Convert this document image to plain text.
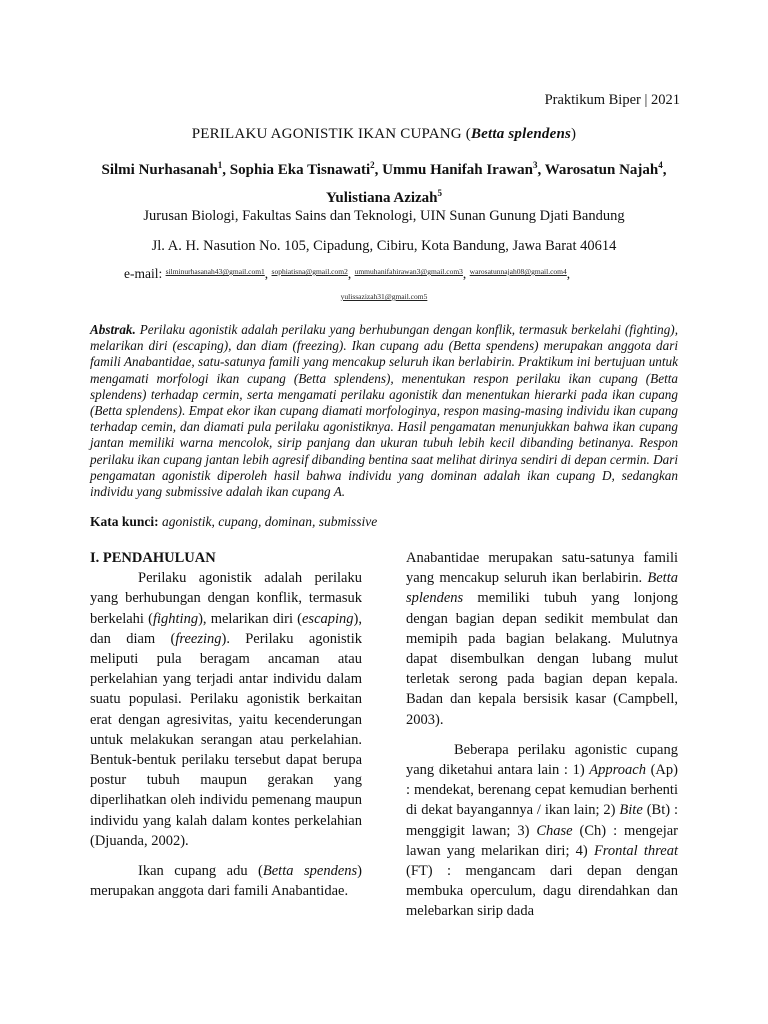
Praktikum Biper | 2021
PERILAKU AGONISTIK IKAN CUPANG (Betta splendens)
Silmi Nurhasanah$^1$, Sophia Eka Tisnawati$^2$, Ummu Hanifah Irawan$^3$, Warosatun Najah$^4$, Yulistiana Azizah$^5$
Jurusan Biologi, Fakultas Sains dan Teknologi, UIN Sunan Gunung Djati Bandung
Jl. A. H. Nasution No. 105, Cipadung, Cibiru, Kota Bandung, Jawa Barat 40614
e-mail: $^{silminurhasanah43@gmail.com1}$, $^{sophiatisna@gmail.com2}$, $^{ummuhanifahirawan3@gmail.com3}$, $^{warosatunnajah08@gmail.com4}$,
yulissazizah31@gmail.com5
Abstrak. Perilaku agonistik adalah perilaku yang berhubungan dengan konflik, termasuk berkelahi (fighting), melarikan diri (escaping), dan diam (freezing). Ikan cupang adu (Betta spendens) merupakan anggota dari famili Anabantidae, satu-satunya famili yang mencakup seluruh ikan berlabirin. Praktikum ini bertujuan untuk mengamati morfologi ikan cupang (Betta splendens), menentukan respon perilaku ikan cupang (Betta splendens) terhadap cermin, serta mengamati perilaku agonistik dan menentukan hierarki pada ikan cupang (Betta splendens). Empat ekor ikan cupang diamati morfologinya, respon masing-masing individu ikan cupang terhadap cemin, dan diamati pula perilaku agonistiknya. Hasil pengamatan menunjukkan bahwa ikan cupang jantan memiliki warna mencolok, sirip panjang dan ukuran tubuh lebih kecil dibanding betinanya. Respon perilaku ikan cupang jantan lebih agresif dibanding bentina saat melihat dirinya sendiri di depan cermin. Dari pengamatan agonistik diperoleh hasil bahwa individu yang dominan adalah ikan cupang D, sedangkan individu yang submissive adalah ikan cupang A.
Kata kunci: agonistik, cupang, dominan, submissive
I. PENDAHULUAN

Perilaku agonistik adalah perilaku yang berhubungan dengan konflik, termasuk berkelahi (fighting), melarikan diri (escaping), dan diam (freezing). Perilaku agonistik meliputi pula beragam ancaman atau perkelahian yang terjadi antar individu dalam suatu populasi. Perilaku agonistik berkaitan erat dengan agresivitas, yaitu kecenderungan untuk melakukan serangan atau perkelahian. Bentuk-bentuk perilaku tersebut dapat berupa postur tubuh maupun gerakan yang diperlihatkan oleh individu pemenang maupun individu yang kalah dalam kontes perkelahian (Djuanda, 2002).

Ikan cupang adu (Betta spendens) merupakan anggota dari famili Anabantidae.

Anabantidae merupakan satu-satunya famili yang mencakup seluruh ikan berlabirin. Betta splendens memiliki tubuh yang lonjong dengan bagian depan sedikit membulat dan memipih pada bagian belakang. Mulutnya dapat disembulkan dengan lubang mulut terletak serong pada bagian depan kepala. Badan dan kepala bersisik kasar (Campbell, 2003).

Beberapa perilaku agonistic cupang yang diketahui antara lain : 1) Approach (Ap) : mendekat, berenang cepat kemudian berhenti di dekat bayangannya / ikan lain; 2) Bite (Bt) : menggigit lawan; 3) Chase (Ch) : mengejar lawan yang melarikan diri; 4) Frontal threat (FT) : mengancam dari depan dengan membuka operculum, dagu direndahkan dan melebarkan sirip dada
